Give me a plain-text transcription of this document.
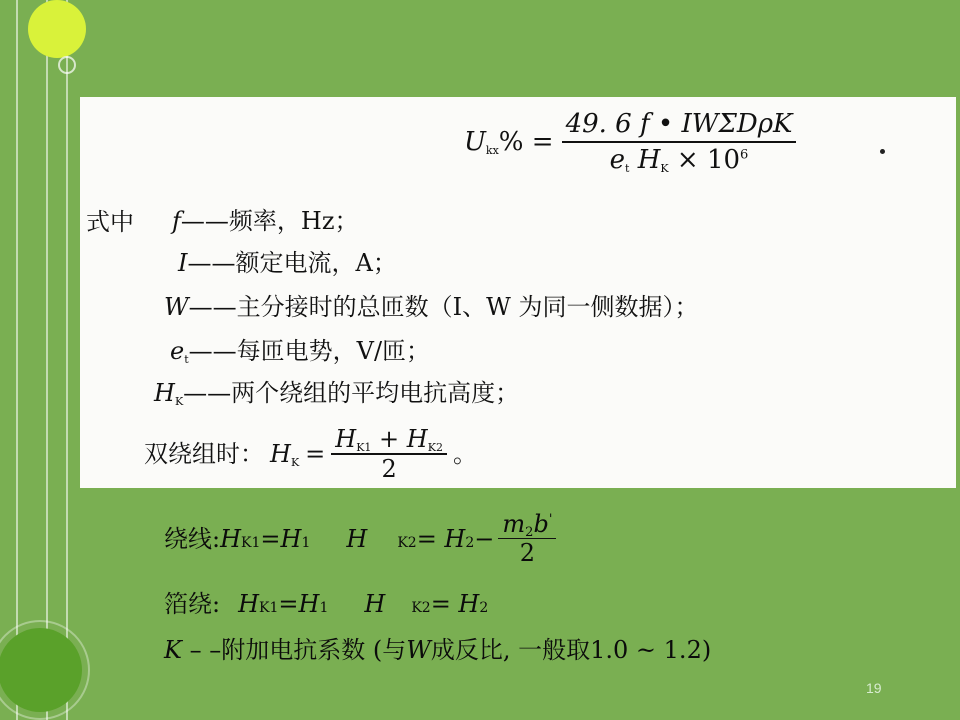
$Ukx\% = \frac{\text{49. 6 f • IWΣDρK}}{et HK \times 10^6}$
式中 f——频率，Hz；
I——额定电流，A；
W——主分接时的总匝数（I、W 为同一侧数据）；
et——每匝电势，V/匝；
HK——两个绕组的平均电抗高度；
双绕组时： HK = $\frac{HK1 + HK2}{2}$ 。
绕线 : H K1 =H 1 H K2 = H $2 - \frac{m2b'}{2}$
箔绕 : H K1 =H 1 H K2 = H 2
K – –附加电抗系数 (与W成反比, 一般取1.0 ~ 1.2)
19
